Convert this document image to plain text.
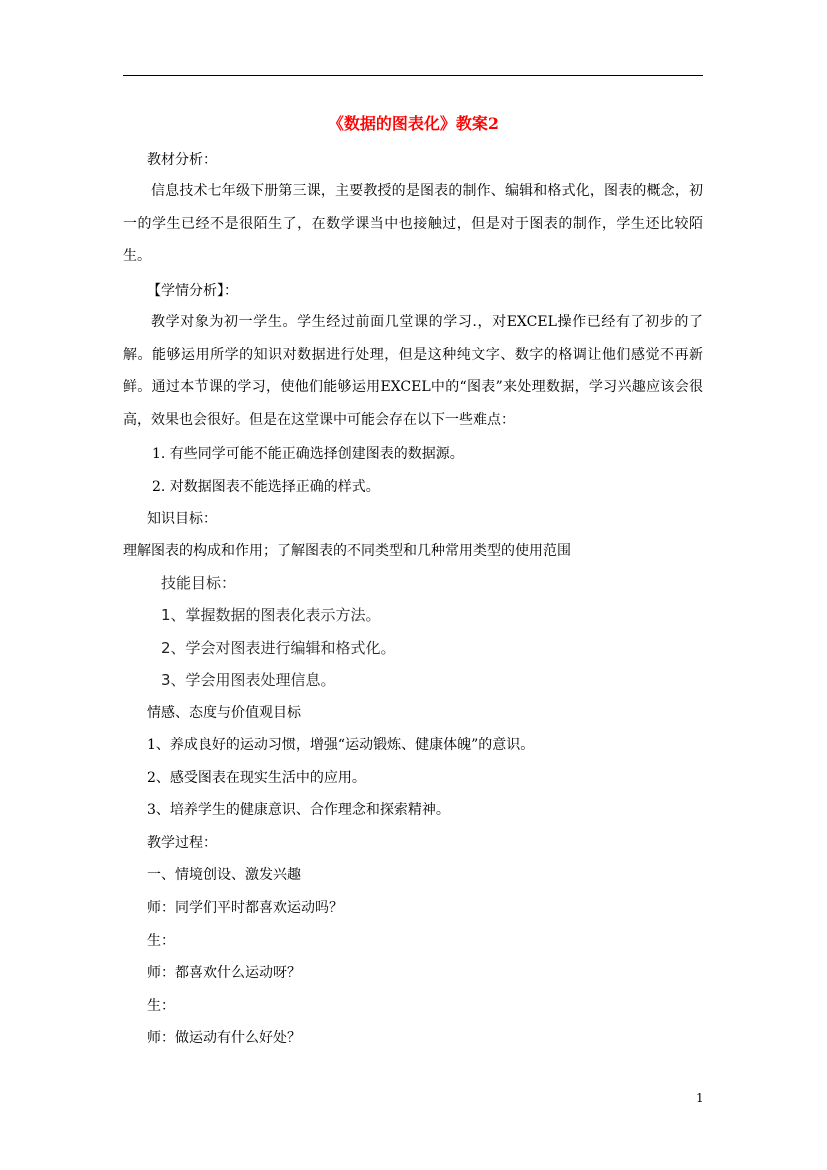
《数据的图表化》教案2
教材分析：
信息技术七年级下册第三课，主要教授的是图表的制作、编辑和格式化，图表的概念，初一的学生已经不是很陌生了，在数学课当中也接触过，但是对于图表的制作，学生还比较陌生。
【学情分析】：
教学对象为初一学生。学生经过前面几堂课的学习.，对EXCEL操作已经有了初步的了解。能够运用所学的知识对数据进行处理，但是这种纯文字、数字的格调让他们感觉不再新鲜。通过本节课的学习，使他们能够运用EXCEL中的“图表”来处理数据，学习兴趣应该会很高，效果也会很好。但是在这堂课中可能会存在以下一些难点：
1. 有些同学可能不能正确选择创建图表的数据源。
2. 对数据图表不能选择正确的样式。
知识目标：
理解图表的构成和作用；了解图表的不同类型和几种常用类型的使用范围
技能目标：
1、掌握数据的图表化表示方法。
2、学会对图表进行编辑和格式化。
3、学会用图表处理信息。
情感、态度与价值观目标
1、养成良好的运动习惯，增强“运动锻炼、健康体魄”的意识。
2、感受图表在现实生活中的应用。
3、培养学生的健康意识、合作理念和探索精神。
教学过程：
一、情境创设、激发兴趣
师：同学们平时都喜欢运动吗？
生：
师：都喜欢什么运动呀？
生：
师：做运动有什么好处？
1
